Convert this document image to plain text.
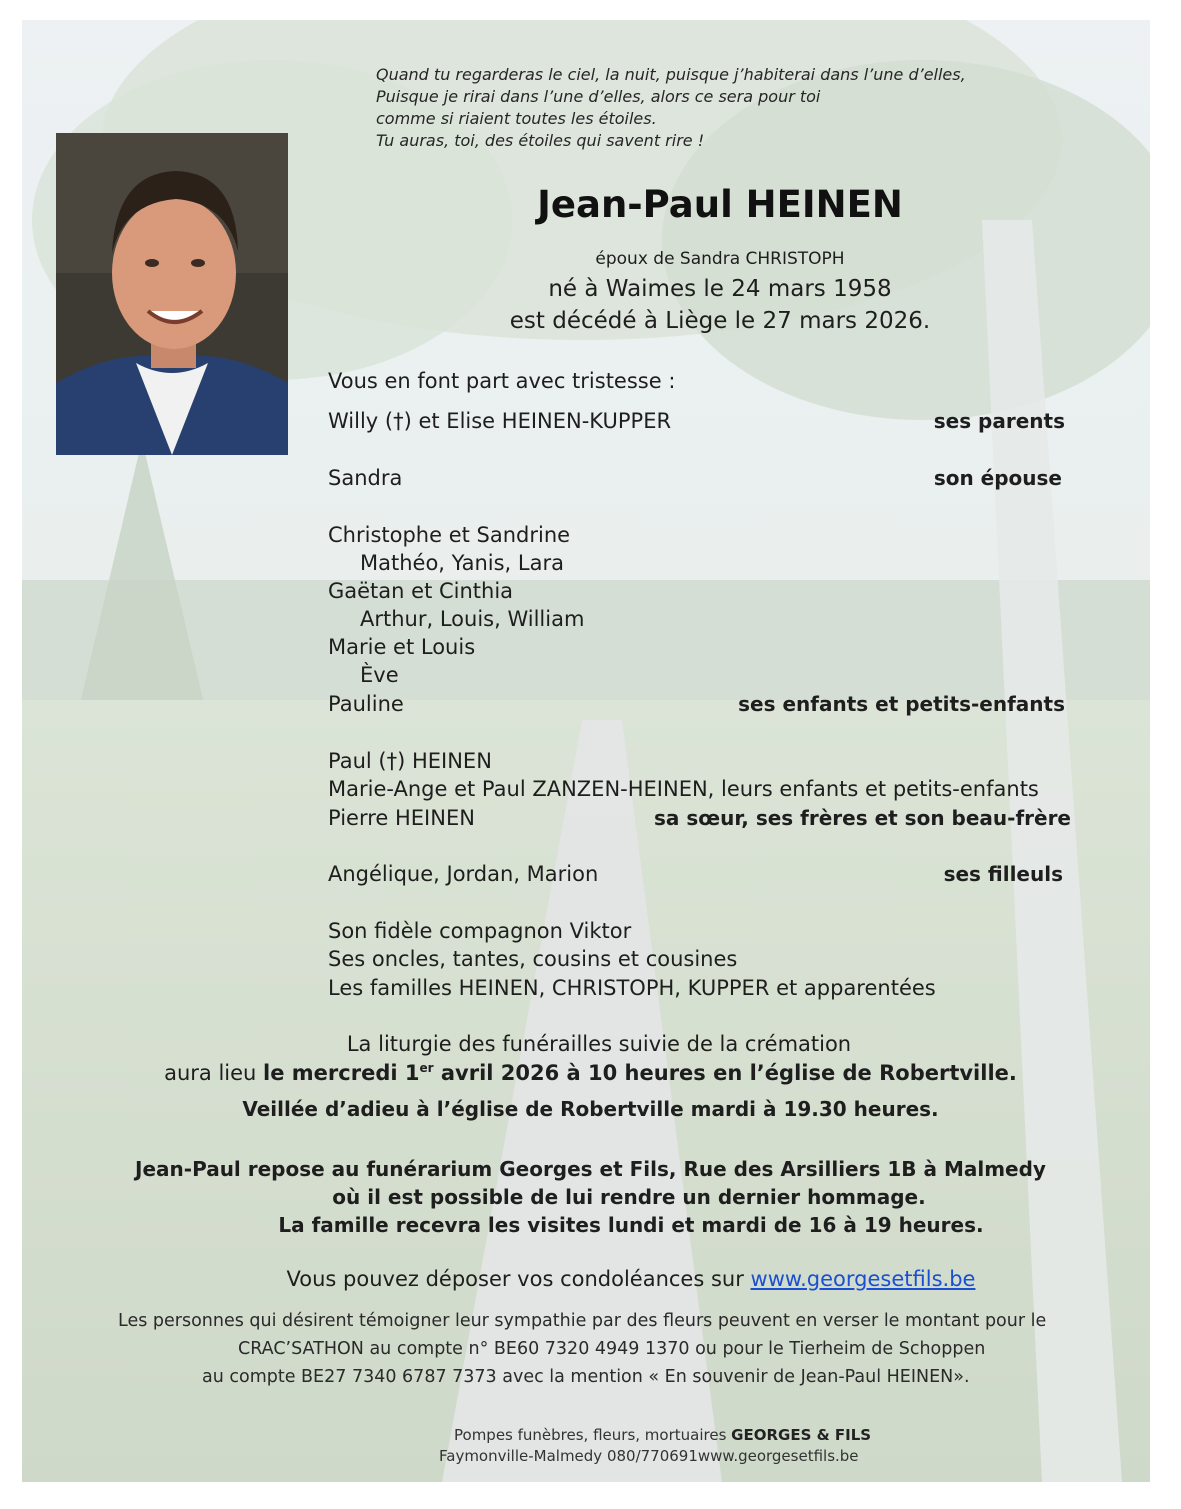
Quand tu regarderas le ciel, la nuit, puisque j’habiterai dans l’une d’elles,
Puisque je rirai dans l’une d’elles, alors ce sera pour toi
comme si riaient toutes les étoiles.
Tu auras, toi, des étoiles qui savent rire !
Jean-Paul HEINEN
époux de Sandra CHRISTOPH
né à Waimes le 24 mars 1958
est décédé à Liège le 27 mars 2026.
Vous en font part avec tristesse :
Willy (†) et Elise HEINEN-KUPPER	ses parents
Sandra	son épouse
Christophe et Sandrine
Mathéo, Yanis, Lara
Gaëtan et Cinthia
Arthur, Louis, William
Marie et Louis
Ève
Pauline	ses enfants et petits-enfants
Paul (†) HEINEN
Marie-Ange et Paul ZANZEN-HEINEN, leurs enfants et petits-enfants
Pierre HEINEN	sa sœur, ses frères et son beau-frère
Angélique, Jordan, Marion	ses filleuls
Son fidèle compagnon Viktor
Ses oncles, tantes, cousins et cousines
Les familles HEINEN, CHRISTOPH, KUPPER et apparentées
La liturgie des funérailles suivie de la crémation
aura lieu le mercredi 1er avril 2026 à 10 heures en l’église de Robertville.
Veillée d’adieu à l’église de Robertville mardi à 19.30 heures.
Jean-Paul repose au funérarium Georges et Fils, Rue des Arsilliers 1B à Malmedy
où il est possible de lui rendre un dernier hommage.
La famille recevra les visites lundi et mardi de 16 à 19 heures.
Vous pouvez déposer vos condoléances sur www.georgesetfils.be
Les personnes qui désirent témoigner leur sympathie par des fleurs peuvent en verser le montant pour le
CRAC’SATHON au compte n° BE60 7320 4949 1370 ou pour le Tierheim de Schoppen
au compte BE27 7340 6787 7373 avec la mention « En souvenir de Jean-Paul HEINEN».
Pompes funèbres, fleurs, mortuaires GEORGES & FILS
Faymonville-Malmedy 080/770691www.georgesetfils.be
